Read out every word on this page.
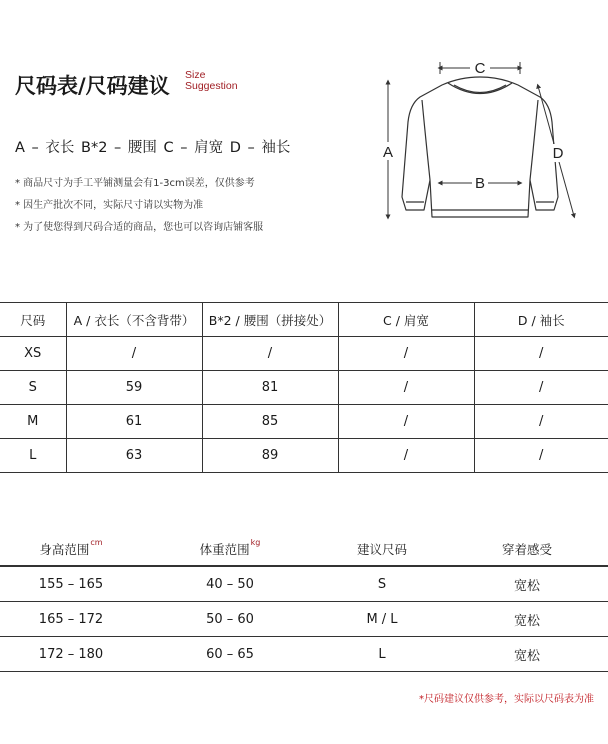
尺码表/尺码建议 Size
Suggestion
A – 衣长 B*2 – 腰围 C – 肩宽 D – 袖长
* 商品尺寸为手工平铺测量会有1-3cm误差，仅供参考
* 因生产批次不同，实际尺寸请以实物为准
* 为了使您得到尺码合适的商品，您也可以咨询店铺客服
C
A
B
D
尺码	A / 衣长（不含背带）	B*2 / 腰围（拼接处）	C / 肩宽	D / 袖长
XS	/	/	/	/
S	59	81	/	/
M	61	85	/	/
L	63	89	/	/
身高范围$^{cm}$	体重范围$^{kg}$	建议尺码	穿着感受
155 – 165	40 – 50	S	宽松
165 – 172	50 – 60	M / L	宽松
172 – 180	60 – 65	L	宽松
*尺码建议仅供参考，实际以尺码表为准
